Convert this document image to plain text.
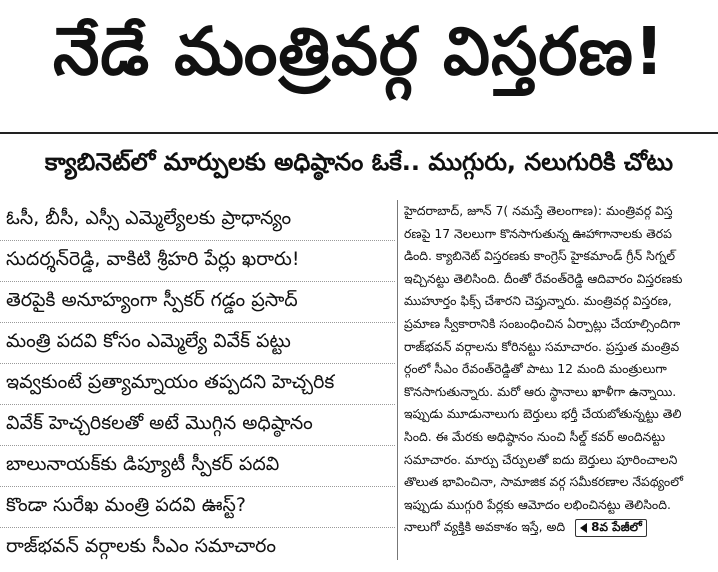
నేడే మంత్రివర్గ విస్తరణ!
క్యాబినెట్‌లో మార్పులకు అధిష్ఠానం ఓకే.. ముగ్గురు, నలుగురికి చోటు
ఓసీ, బీసీ, ఎస్సీ ఎమ్మెల్యేలకు ప్రాధాన్యం
సుదర్శన్‌రెడ్డి, వాకిటి శ్రీహరి పేర్లు ఖరారు!
తెరపైకి అనూహ్యంగా స్పీకర్ గడ్డం ప్రసాద్
మంత్రి పదవి కోసం ఎమ్మెల్యే వివేక్ పట్టు
ఇవ్వకుంటే ప్రత్యామ్నాయం తప్పదని హెచ్చరిక
వివేక్ హెచ్చరికలతో అటే మొగ్గిన అధిష్ఠానం
బాలునాయక్‌కు డిప్యూటీ స్పీకర్ పదవి
కొండా సురేఖ మంత్రి పదవి ఊస్ట్?
రాజ్‌భవన్ వర్గాలకు సీఎం సమాచారం
హైదరాబాద్, జూన్ 7( నమస్తే తెలంగాణ): మంత్రివర్గ విస్త
రణపై 17 నెలలుగా కొనసాగుతున్న ఊహాగానాలకు తెరప
డింది. క్యాబినెట్ విస్తరణకు కాంగ్రెస్ హైకమాండ్ గ్రీన్ సిగ్నల్
ఇచ్చినట్టు తెలిసింది. దీంతో రేవంత్‌రెడ్డి ఆదివారం విస్తరణకు
ముహూర్తం ఫిక్స్ చేశారని చెప్తున్నారు. మంత్రివర్గ విస్తరణ,
ప్రమాణ స్వీకారానికి సంబంధించిన ఏర్పాట్లు చేయాల్సిందిగా
రాజ్‌భవన్ వర్గాలను కోరినట్టు సమాచారం. ప్రస్తుత మంత్రివ
ర్గంలో సీఎం రేవంత్‌రెడ్డితో పాటు 12 మంది మంత్రులుగా
కొనసాగుతున్నారు. మరో ఆరు స్థానాలు ఖాళీగా ఉన్నాయి.
ఇప్పుడు మూడునాలుగు బెర్తులు భర్తీ చేయబోతున్నట్టు తెలి
సింది. ఈ మేరకు అధిష్ఠానం నుంచి సీల్డ్ కవర్ అందినట్టు
సమాచారం. మార్పు చేర్పులతో ఐదు బెర్తులు పూరించాలని
తొలుత భావించినా, సామాజిక వర్గ సమీకరణాల నేపథ్యంలో
ఇప్పుడు ముగ్గురి పేర్లకు ఆమోదం లభించినట్టు తెలిసింది.
నాలుగో వ్యక్తికి అవకాశం ఇస్తే, అది 8వ పేజీలో
